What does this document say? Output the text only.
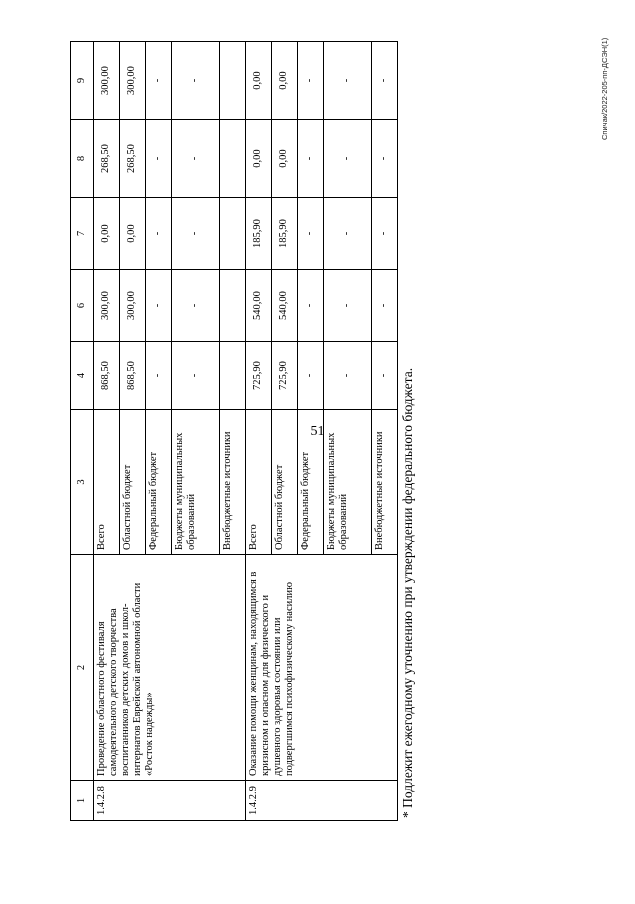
51
Спичак/2022-205-пп-ДСЭН(1)
* Подлежит ежегодному уточнению при утверждении федерального бюджета.
1	2	3	4	6	7	8	9
1.4.2.8	Проведение областного фестиваля самодеятельного детского творчества воспитанников детских домов и школ-интернатов Еврейской автономной области «Росток надежды»	Всего	868,50	300,00	0,00	268,50	300,00
		Областной бюджет	868,50	300,00	0,00	268,50	300,00
		Федеральный бюджет	-	-	-	-	-
		Бюджеты муниципальных образований	-	-	-	-	-
		Внебюджетные источники					
1.4.2.9	Оказание помощи женщинам, находящимся в кризисном и опасном для физического и душевного здоровья состоянии или подвергшимся психофизическому насилию	Всего	725,90	540,00	185,90	0,00	0,00
		Областной бюджет	725,90	540,00	185,90	0,00	0,00
		Федеральный бюджет	-	-	-	-	-
		Бюджеты муниципальных образований	-	-	-	-	-
		Внебюджетные источники	-	-	-	-	-
